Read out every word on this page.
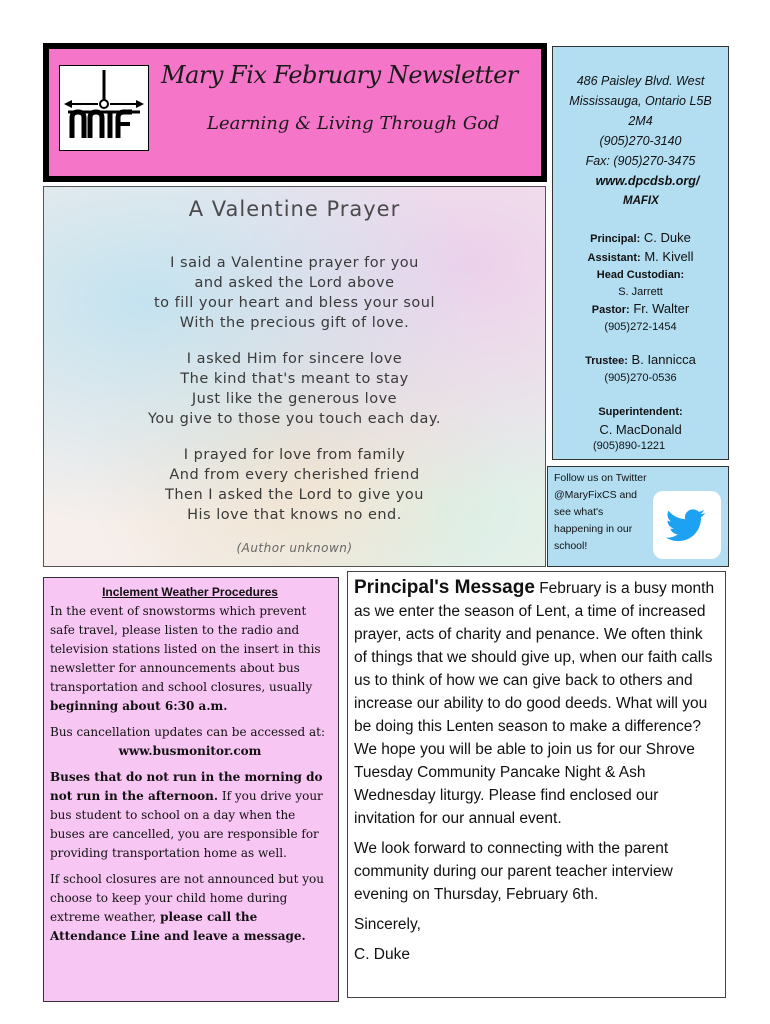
Mary Fix February Newsletter
Learning & Living Through God
486 Paisley Blvd. West
Mississauga, Ontario L5B
2M4
(905)270-3140
Fax: (905)270-3475
www.dpcdsb.org/
MAFIX
Principal: C. Duke
Assistant: M. Kivell
Head Custodian:
S. Jarrett
Pastor: Fr. Walter
(905)272-1454
Trustee: B. Iannicca
(905)270-0536
Superintendent:
C. MacDonald
(905)890-1221
Follow us on Twitter
@MaryFixCS and
see what's
happening in our
school!
A Valentine Prayer
I said a Valentine prayer for you
and asked the Lord above
to fill your heart and bless your soul
With the precious gift of love.
I asked Him for sincere love
The kind that's meant to stay
Just like the generous love
You give to those you touch each day.
I prayed for love from family
And from every cherished friend
Then I asked the Lord to give you
His love that knows no end.
(Author unknown)
Inclement Weather Procedures

In the event of snowstorms which prevent safe travel, please listen to the radio and television stations listed on the insert in this newsletter for announcements about bus transportation and school closures, usually beginning about 6:30 a.m.

Bus cancellation updates can be accessed at:

www.busmonitor.com

Buses that do not run in the morning do not run in the afternoon. If you drive your bus student to school on a day when the buses are cancelled, you are responsible for providing transportation home as well.

If school closures are not announced but you choose to keep your child home during extreme weather, please call the Attendance Line and leave a message.

Principal's Message February is a busy month as we enter the season of Lent, a time of increased prayer, acts of charity and penance. We often think of things that we should give up, when our faith calls us to think of how we can give back to others and increase our ability to do good deeds. What will you be doing this Lenten season to make a difference? We hope you will be able to join us for our Shrove Tuesday Community Pancake Night & Ash Wednesday liturgy. Please find enclosed our invitation for our annual event.

We look forward to connecting with the parent community during our parent teacher interview evening on Thursday, February 6th.

Sincerely,

C. Duke
